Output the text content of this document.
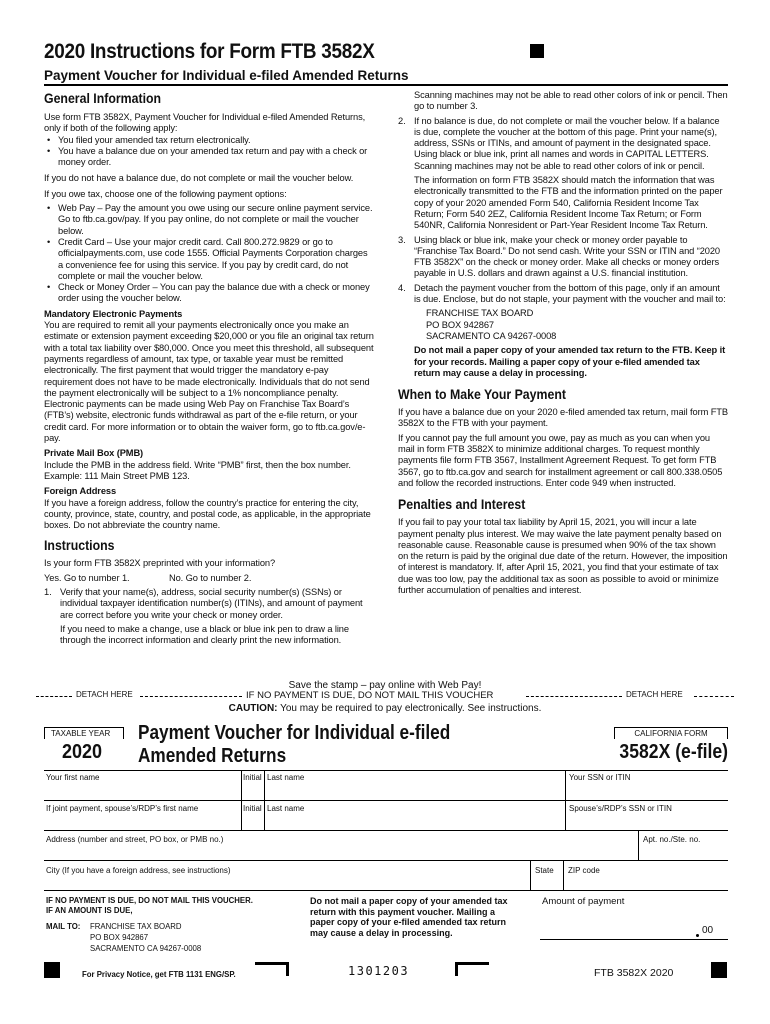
2020 Instructions for Form FTB 3582X
Payment Voucher for Individual e-filed Amended Returns
General Information
Use form FTB 3582X, Payment Voucher for Individual e-filed Amended Returns, only if both of the following apply:
• You filed your amended tax return electronically.
• You have a balance due on your amended tax return and pay with a check or money order.
If you do not have a balance due, do not complete or mail the voucher below.
If you owe tax, choose one of the following payment options:
• Web Pay – Pay the amount you owe using our secure online payment service. Go to ftb.ca.gov/pay. If you pay online, do not complete or mail the voucher below.
• Credit Card – Use your major credit card. Call 800.272.9829 or go to officialpayments.com, use code 1555. Official Payments Corporation charges a convenience fee for using this service. If you pay by credit card, do not complete or mail the voucher below.
• Check or Money Order – You can pay the balance due with a check or money order using the voucher below.
Mandatory Electronic Payments
You are required to remit all your payments electronically once you make an estimate or extension payment exceeding $20,000 or you file an original tax return with a total tax liability over $80,000. Once you meet this threshold, all subsequent payments regardless of amount, tax type, or taxable year must be remitted electronically. The first payment that would trigger the mandatory e-pay requirement does not have to be made electronically. Individuals that do not send the payment electronically will be subject to a 1% noncompliance penalty. Electronic payments can be made using Web Pay on Franchise Tax Board’s (FTB’s) website, electronic funds withdrawal as part of the e-file return, or your credit card. For more information or to obtain the waiver form, go to ftb.ca.gov/e-pay.
Private Mail Box (PMB)
Include the PMB in the address field. Write “PMB” first, then the box number. Example: 111 Main Street PMB 123.
Foreign Address
If you have a foreign address, follow the country’s practice for entering the city, county, province, state, country, and postal code, as applicable, in the appropriate boxes. Do not abbreviate the country name.
Instructions
Is your form FTB 3582X preprinted with your information?
Yes. Go to number 1.	No. Go to number 2.
1. Verify that your name(s), address, social security number(s) (SSNs) or individual taxpayer identification number(s) (ITINs), and amount of payment are correct before you write your check or money order.
If you need to make a change, use a black or blue ink pen to draw a line through the incorrect information and clearly print the new information.
Scanning machines may not be able to read other colors of ink or pencil. Then go to number 3.
2. If no balance is due, do not complete or mail the voucher below. If a balance is due, complete the voucher at the bottom of this page. Print your name(s), address, SSNs or ITINs, and amount of payment in the designated space. Using black or blue ink, print all names and words in CAPITAL LETTERS. Scanning machines may not be able to read other colors of ink or pencil.
The information on form FTB 3582X should match the information that was electronically transmitted to the FTB and the information printed on the paper copy of your 2020 amended Form 540, California Resident Income Tax Return; Form 540 2EZ, California Resident Income Tax Return; or Form 540NR, California Nonresident or Part-Year Resident Income Tax Return.
3. Using black or blue ink, make your check or money order payable to “Franchise Tax Board.” Do not send cash. Write your SSN or ITIN and “2020 FTB 3582X” on the check or money order. Make all checks or money orders payable in U.S. dollars and drawn against a U.S. financial institution.
4. Detach the payment voucher from the bottom of this page, only if an amount is due. Enclose, but do not staple, your payment with the voucher and mail to:
FRANCHISE TAX BOARD
PO BOX 942867
SACRAMENTO CA 94267-0008
Do not mail a paper copy of your amended tax return to the FTB. Keep it for your records. Mailing a paper copy of your e-filed amended tax return may cause a delay in processing.
When to Make Your Payment
If you have a balance due on your 2020 e-filed amended tax return, mail form FTB 3582X to the FTB with your payment.
If you cannot pay the full amount you owe, pay as much as you can when you mail in form FTB 3582X to minimize additional charges. To request monthly payments file form FTB 3567, Installment Agreement Request. To get form FTB 3567, go to ftb.ca.gov and search for installment agreement or call 800.338.0505 and follow the recorded instructions. Enter code 949 when instructed.
Penalties and Interest
If you fail to pay your total tax liability by April 15, 2021, you will incur a late payment penalty plus interest. We may waive the late payment penalty based on reasonable cause. Reasonable cause is presumed when 90% of the tax shown on the return is paid by the original due date of the return. However, the imposition of interest is mandatory. If, after April 15, 2021, you find that your estimate of tax due was too low, pay the additional tax as soon as possible to avoid or minimize further accumulation of penalties and interest.
Save the stamp – pay online with Web Pay!
DETACH HERE	IF NO PAYMENT IS DUE, DO NOT MAIL THIS VOUCHER	DETACH HERE
CAUTION: You may be required to pay electronically. See instructions.
TAXABLE YEAR
2020
Payment Voucher for Individual e-filed
Amended Returns
CALIFORNIA FORM
3582X (e-file)
Your first name	Initial Last name	Your SSN or ITIN
If joint payment, spouse’s/RDP’s first name	Initial Last name	Spouse’s/RDP’s SSN or ITIN
Address (number and street, PO box, or PMB no.)	Apt. no./Ste. no.
City (If you have a foreign address, see instructions)	State ZIP code
IF NO PAYMENT IS DUE, DO NOT MAIL THIS VOUCHER.
IF AN AMOUNT IS DUE,
MAIL TO: FRANCHISE TAX BOARD
PO BOX 942867
SACRAMENTO CA 94267-0008
Do not mail a paper copy of your amended tax return with this payment voucher. Mailing a paper copy of your e-filed amended tax return may cause a delay in processing.
Amount of payment
00
For Privacy Notice, get FTB 1131 ENG/SP.	1301203	FTB 3582X 2020
